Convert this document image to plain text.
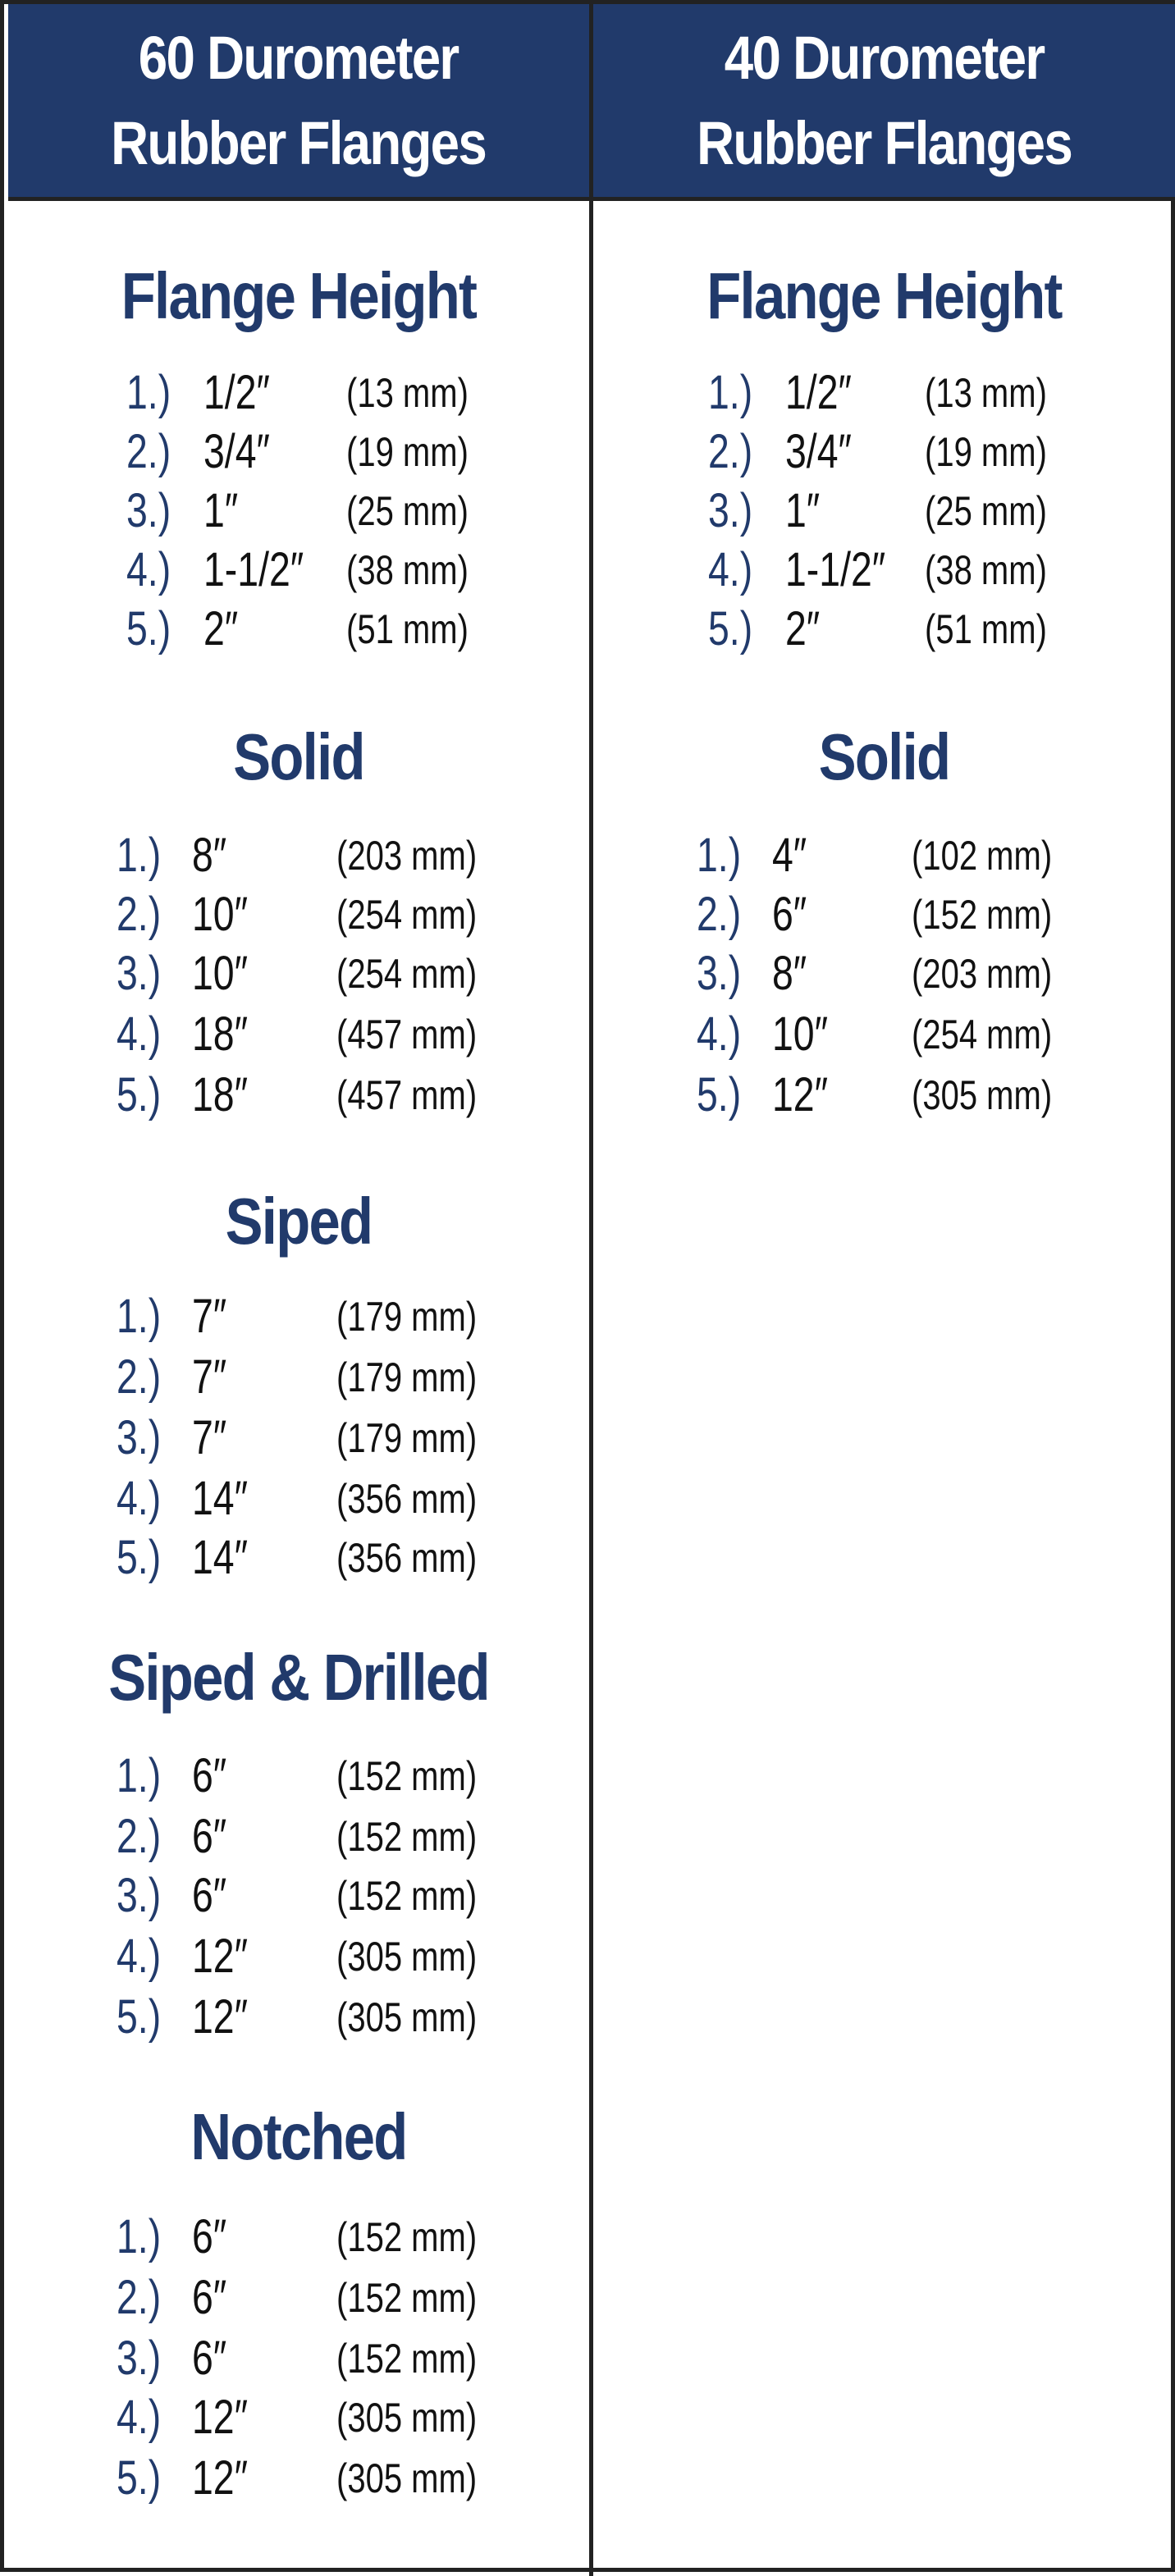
60 Durometer
Rubber Flanges
Flange Height
1.) 1/2″ (13 mm)
2.) 3/4″ (19 mm)
3.) 1″	(25 mm)
4.) 1-1/2″ (38 mm)
5.) 2″	(51 mm)
Solid
1.) 8″	(203 mm)
2.) 10″ (254 mm)
3.) 10″ (254 mm)
4.) 18″ (457 mm)
5.) 18″ (457 mm)
Siped
1.) 7″	(179 mm)
2.) 7″	(179 mm)
3.) 7″	(179 mm)
4.) 14″ (356 mm)
5.) 14″ (356 mm)
Siped & Drilled
1.) 6″	(152 mm)
2.) 6″	(152 mm)
3.) 6″	(152 mm)
4.) 12″ (305 mm)
5.) 12″ (305 mm)
Notched
1.) 6″	(152 mm)
2.) 6″	(152 mm)
3.) 6″	(152 mm)
4.) 12″ (305 mm)
5.) 12″ (305 mm)
40 Durometer
Rubber Flanges
Flange Height
1.) 1/2″ (13 mm)
2.) 3/4″ (19 mm)
3.) 1″	(25 mm)
4.) 1-1/2″ (38 mm)
5.) 2″	(51 mm)
Solid
1.) 4″	(102 mm)
2.) 6″	(152 mm)
3.) 8″	(203 mm)
4.) 10″ (254 mm)
5.) 12″ (305 mm)
